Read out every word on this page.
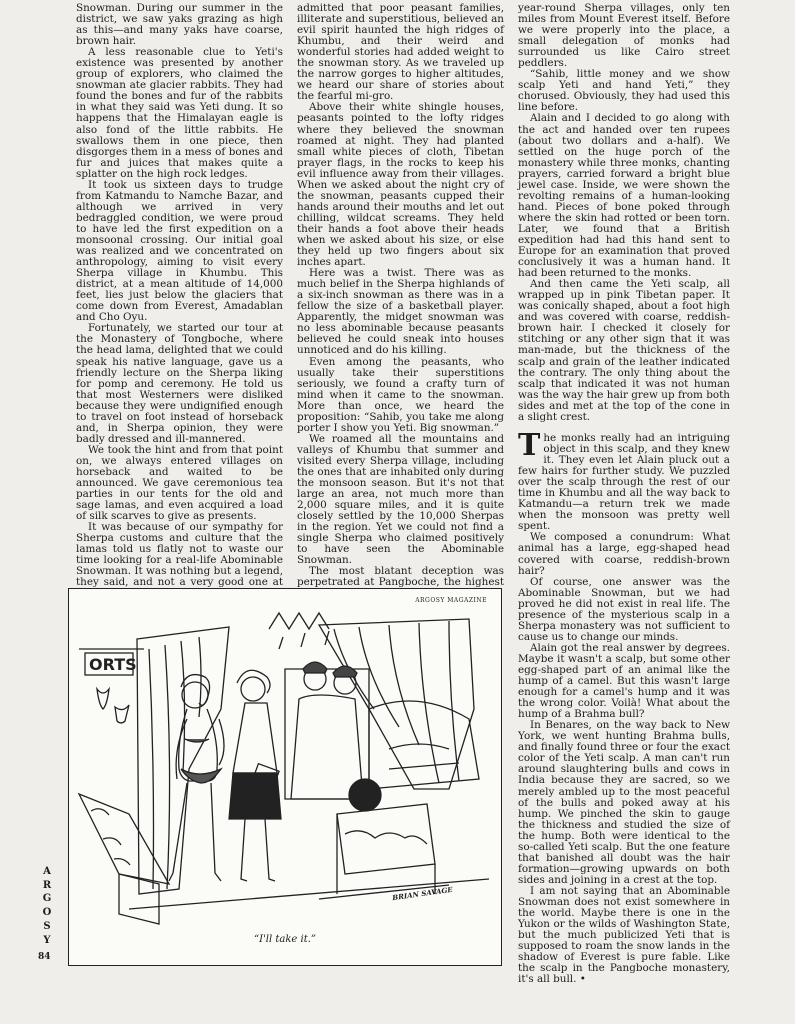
Snowman. During our summer in the district, we saw yaks grazing as high as this—and many yaks have coarse, brown hair.

A less reasonable clue to Yeti's existence was presented by another group of explorers, who claimed the snowman ate glacier rabbits. They had found the bones and fur of the rabbits in what they said was Yeti dung. It so happens that the Himalayan eagle is also fond of the little rabbits. He swallows them in one piece, then disgorges them in a mess of bones and fur and juices that makes quite a splatter on the high rock ledges.

It took us sixteen days to trudge from Katmandu to Namche Bazar, and although we arrived in very bedraggled condition, we were proud to have led the first expedition on a monsoonal crossing. Our initial goal was realized and we concentrated on anthropology, aiming to visit every Sherpa village in Khumbu. This district, at a mean altitude of 14,000 feet, lies just below the glaciers that come down from Everest, Amadablan and Cho Oyu.

Fortunately, we started our tour at the Monastery of Tongboche, where the head lama, delighted that we could speak his native language, gave us a friendly lecture on the Sherpa liking for pomp and ceremony. He told us that most Westerners were disliked because they were undignified enough to travel on foot instead of horseback and, in Sherpa opinion, they were badly dressed and ill-mannered.

We took the hint and from that point on, we always entered villages on horseback and waited to be announced. We gave ceremonious tea parties in our tents for the old and sage lamas, and even acquired a load of silk scarves to give as presents.

It was because of our sympathy for Sherpa customs and culture that the lamas told us flatly not to waste our time looking for a real-life Abominable Snowman. It was nothing but a legend, they said, and not a very good one at

admitted that poor peasant families, illiterate and superstitious, believed an evil spirit haunted the high ridges of Khumbu, and their weird and wonderful stories had added weight to the snowman story. As we traveled up the narrow gorges to higher altitudes, we heard our share of stories about the fearful mi-gro.

Above their white shingle houses, peasants pointed to the lofty ridges where they believed the snowman roamed at night. They had planted small white pieces of cloth, Tibetan prayer flags, in the rocks to keep his evil influence away from their villages. When we asked about the night cry of the snowman, peasants cupped their hands around their mouths and let out chilling, wildcat screams. They held their hands a foot above their heads when we asked about his size, or else they held up two fingers about six inches apart.

Here was a twist. There was as much belief in the Sherpa highlands of a six-inch snowman as there was in a fellow the size of a basketball player. Apparently, the midget snowman was no less abominable because peasants believed he could sneak into houses unnoticed and do his killing.

Even among the peasants, who usually take their superstitions seriously, we found a crafty turn of mind when it came to the snowman. More than once, we heard the proposition: “Sahib, you take me along porter I show you Yeti. Big snowman.”

We roamed all the mountains and valleys of Khumbu that summer and visited every Sherpa village, including the ones that are inhabited only during the monsoon season. But it's not that large an area, not much more than 2,000 square miles, and it is quite closely settled by the 10,000 Sherpas in the region. Yet we could not find a single Sherpa who claimed positively to have seen the Abominable Snowman.

The most blatant deception was perpetrated at Pangboche, the highest

year-round Sherpa villages, only ten miles from Mount Everest itself. Before we were properly into the place, a small delegation of monks had surrounded us like Cairo street peddlers.

“Sahib, little money and we show scalp Yeti and hand Yeti,” they chorused. Obviously, they had used this line before.

Alain and I decided to go along with the act and handed over ten rupees (about two dollars and a-half). We settled on the huge porch of the monastery while three monks, chanting prayers, carried forward a bright blue jewel case. Inside, we were shown the revolting remains of a human-looking hand. Pieces of bone poked through where the skin had rotted or been torn. Later, we found that a British expedition had had this hand sent to Europe for an examination that proved conclusively it was a human hand. It had been returned to the monks.

And then came the Yeti scalp, all wrapped up in pink Tibetan paper. It was conically shaped, about a foot high and was covered with coarse, reddish-brown hair. I checked it closely for stitching or any other sign that it was man-made, but the thickness of the scalp and grain of the leather indicated the contrary. The only thing about the scalp that indicated it was not human was the way the hair grew up from both sides and met at the top of the cone in a slight crest.

The monks really had an intriguing object in this scalp, and they knew it. They even let Alain pluck out a few hairs for further study. We puzzled over the scalp through the rest of our time in Khumbu and all the way back to Katmandu—a return trek we made when the monsoon was pretty well spent.

We composed a conundrum: What animal has a large, egg-shaped head covered with coarse, reddish-brown hair?

Of course, one answer was the Abominable Snowman, but we had proved he did not exist in real life. The presence of the mysterious scalp in a Sherpa monastery was not sufficient to cause us to change our minds.

Alain got the real answer by degrees. Maybe it wasn't a scalp, but some other egg-shaped part of an animal like the hump of a camel. But this wasn't large enough for a camel's hump and it was the wrong color. Voilà! What about the hump of a Brahma bull?

In Benares, on the way back to New York, we went hunting Brahma bulls, and finally found three or four the exact color of the Yeti scalp. A man can't run around slaughtering bulls and cows in India because they are sacred, so we merely ambled up to the most peaceful of the bulls and poked away at his hump. We pinched the skin to gauge the thickness and studied the size of the hump. Both were identical to the so-called Yeti scalp. But the one feature that banished all doubt was the hair formation—growing upwards on both sides and joining in a crest at the top.

I am not saying that an Abominable Snowman does not exist somewhere in the world. Maybe there is one in the Yukon or the wilds of Washington State, but the much publicized Yeti that is supposed to roam the snow lands in the shadow of Everest is pure fable. Like the scalp in the Pangboche monastery, it's all bull. •

ORTS
ARGOSY MAGAZINE
BRIAN SAVAGE
“I'll take it.”
A
R
G
O
S
Y
84
